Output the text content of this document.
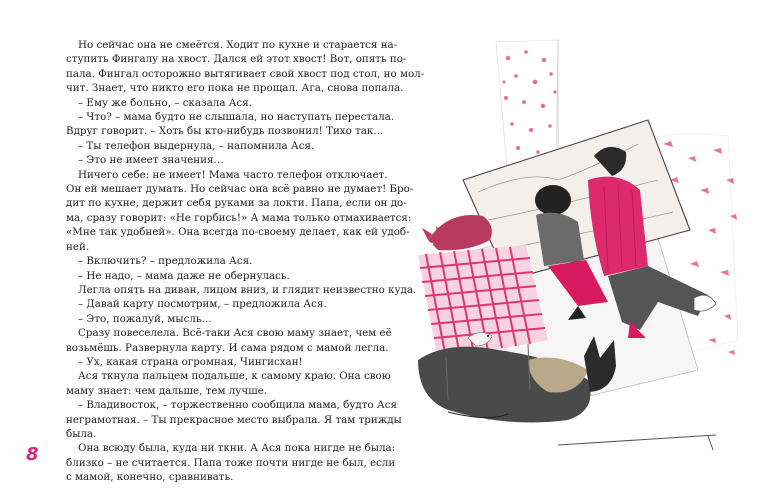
Но сейчас она не смеётся. Ходит по кухне и старается на-

ступить Фингалу на хвост. Дался ей этот хвост! Вот, опять по-

пала. Фингал осторожно вытягивает свой хвост под стол, но мол-

чит. Знает, что никто его пока не прощал. Ага, снова попала.

– Ему же больно, – сказала Ася.

– Что? – мама будто не слышала, но наступать перестала.

Вдруг говорит. – Хоть бы кто-нибудь позвонил! Тихо так...

– Ты телефон выдернула, – напомнила Ася.

– Это не имеет значения…

Ничего себе: не имеет! Мама часто телефон отключает.

Он ей мешает думать. Но сейчас она всё равно не думает! Бро-

дит по кухне, держит себя руками за локти. Папа, если он до-

ма, сразу говорит: «Не горбись!» А мама только отмахивается:

«Мне так удобней». Она всегда по-своему делает, как ей удоб-

ней.

– Включить? – предложила Ася.

– Не надо, – мама даже не обернулась.

Легла опять на диван, лицом вниз, и глядит неизвестно куда.

– Давай карту посмотрим, – предложила Ася.

– Это, пожалуй, мысль…

Сразу повеселела. Всё-таки Ася свою маму знает, чем её

возьмёшь. Развернула карту. И сама рядом с мамой легла.

– Ух, какая страна огромная, Чингисхан!

Ася ткнула пальцем подальше, к самому краю. Она свою

маму знает: чем дальше, тем лучше.

– Владивосток, – торжественно сообщила мама, будто Ася

неграмотная. – Ты прекрасное место выбрала. Я там трижды

была.

Она всюду была, куда ни ткни. А Ася пока нигде не была:

близко – не считается. Папа тоже почти нигде не был, если

с мамой, конечно, сравнивать.

8
